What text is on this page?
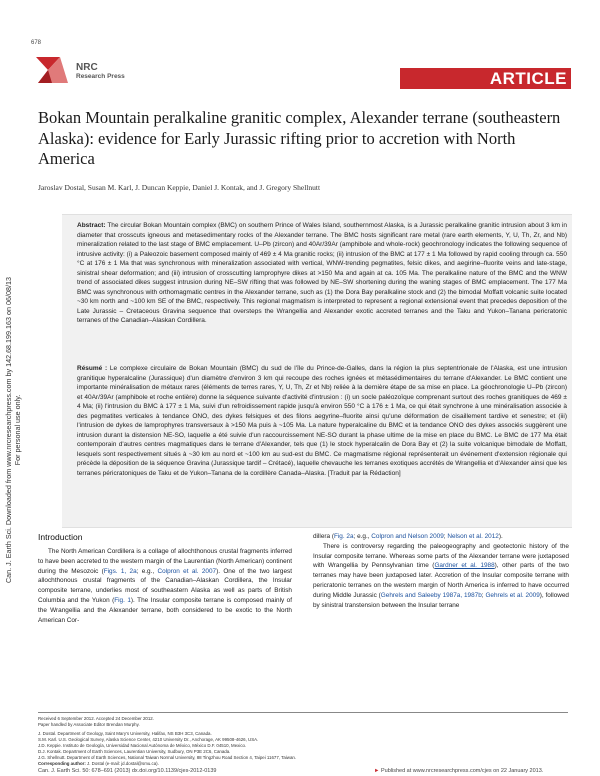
678
Can. J. Earth Sci. Downloaded from www.nrcresearchpress.com by 142.68.199.163 on 06/08/13 For personal use only.
NRC
Research Press	ARTICLE
Bokan Mountain peralkaline granitic complex, Alexander terrane (southeastern Alaska): evidence for Early Jurassic rifting prior to accretion with North America
Jaroslav Dostal, Susan M. Karl, J. Duncan Keppie, Daniel J. Kontak, and J. Gregory Shellnutt
Abstract: The circular Bokan Mountain complex (BMC) on southern Prince of Wales Island, southernmost Alaska, is a Jurassic peralkaline granitic intrusion about 3 km in diameter that crosscuts igneous and metasedimentary rocks of the Alexander terrane. The BMC hosts significant rare metal (rare earth elements, Y, U, Th, Zr, and Nb) mineralization related to the last stage of BMC emplacement. U–Pb (zircon) and 40Ar/39Ar (amphibole and whole-rock) geochronology indicates the following sequence of intrusive activity: (i) a Paleozoic basement composed mainly of 469 ± 4 Ma granitic rocks; (ii) intrusion of the BMC at 177 ± 1 Ma followed by rapid cooling through ca. 550 °C at 176 ± 1 Ma that was synchronous with mineralization associated with vertical, WNW-trending pegmatites, felsic dikes, and aegirine–fluorite veins and late-stage, sinistral shear deformation; and (iii) intrusion of crosscutting lamprophyre dikes at >150 Ma and again at ca. 105 Ma. The peralkaline nature of the BMC and the WNW trend of associated dikes suggest intrusion during NE–SW rifting that was followed by NE–SW shortening during the waning stages of BMC emplacement. The 177 Ma BMC was synchronous with orthomagmatic centres in the Alexander terrane, such as (1) the Dora Bay peralkaline stock and (2) the bimodal Moffatt volcanic suite located ~30 km north and ~100 km SE of the BMC, respectively. This regional magmatism is interpreted to represent a regional extensional event that precedes deposition of the Late Jurassic – Cretaceous Gravina sequence that oversteps the Wrangellia and Alexander exotic accreted terranes and the Taku and Yukon–Tanana pericratonic terranes of the Canadian–Alaskan Cordillera.
Résumé : Le complexe circulaire de Bokan Mountain (BMC) du sud de l'île du Prince-de-Galles, dans la région la plus septentrionale de l'Alaska, est une intrusion granitique hyperalcaline (Jurassique) d'un diamètre d'environ 3 km qui recoupe des roches ignées et métasédimentaires du terrane d'Alexander. Le BMC contient une importante minéralisation de métaux rares (éléments de terres rares, Y, U, Th, Zr et Nb) reliée à la dernière étape de sa mise en place. La géochronologie U–Pb (zircon) et 40Ar/39Ar (amphibole et roche entière) donne la séquence suivante d'activité d'intrusion : (i) un socle paléozoïque comprenant surtout des roches granitiques de 469 ± 4 Ma; (ii) l'intrusion du BMC à 177 ± 1 Ma, suivi d'un refroidissement rapide jusqu'à environ 550 °C à 176 ± 1 Ma, ce qui était synchrone à une minéralisation associée à des pegmatites verticales à tendance ONO, des dykes felsiques et des filons aegyrine–fluorite ainsi qu'une déformation de cisaillement tardive et senestre; et (iii) l'intrusion de dykes de lamprophyres transversaux à >150 Ma puis à ~105 Ma. La nature hyperalcaline du BMC et la tendance ONO des dykes associés suggèrent une intrusion durant la distension NE-SO, laquelle a été suivie d'un raccourcissement NE-SO durant la phase ultime de la mise en place du BMC. Le BMC de 177 Ma était contemporain d'autres centres magmatiques dans le terrane d'Alexander, tels que (1) le stock hyperalcalin de Dora Bay et (2) la suite volcanique bimodale de Moffatt, lesquels sont respectivement situés à ~30 km au nord et ~100 km au sud-est du BMC. Ce magmatisme régional représenterait un événement d'extension régionale qui précède la déposition de la séquence Gravina (Jurassique tardif – Crétacé), laquelle chevauche les terranes exotiques accrétés de Wrangellia et d'Alexander ainsi que les terranes péricratoniques de Taku et de Yukon–Tanana de la cordillère Canada–Alaska. [Traduit par la Rédaction]
Introduction

The North American Cordillera is a collage of allochthonous crustal fragments inferred to have been accreted to the western margin of the Laurentian (North American) continent during the Mesozoic (Figs. 1, 2a; e.g., Colpron et al. 2007). One of the two largest allochthonous crustal fragments of the Canadian–Alaskan Cordillera, the Insular composite terrane, underlies most of southeastern Alaska as well as parts of British Columbia and the Yukon (Fig. 1). The Insular composite terrane is composed mainly of the Wrangellia and the Alexander terrane, both considered to be exotic to the North American Cor-

dillera (Fig. 2a; e.g., Colpron and Nelson 2009; Nelson et al. 2012).

There is controversy regarding the paleogeography and geotectonic history of the Insular composite terrane. Whereas some parts of the Alexander terrane were juxtaposed with Wrangellia by Pennsylvanian time (Gardner et al. 1988), other parts of the two terranes may have been juxtaposed later. Accretion of the Insular composite terrane with pericratonic terranes on the western margin of North America is inferred to have occurred during Middle Jurassic (Gehrels and Saleeby 1987a, 1987b; Gehrels et al. 2009), followed by sinistral transtension between the Insular terrane

Received 6 September 2012. Accepted 24 December 2012.
Paper handled by Associate Editor Brendan Murphy.
J. Dostal. Department of Geology, Saint Mary's University, Halifax, NS B3H 3C3, Canada.
S.M. Karl. U.S. Geological Survey, Alaska Science Center, 4210 University Dr., Anchorage, AK 99508-4626, USA.
J.D. Keppie. Instituto de Geología, Universidad Nacional Autónoma de México, México D.F. 04510, Mexico.
D.J. Kontak. Department of Earth Sciences, Laurentian University, Sudbury, ON P3E 2C6, Canada.
J.G. Shellnutt. Department of Earth Sciences, National Taiwan Normal University, 88 Tingzhou Road Section 4, Taipei 11677, Taiwan.
Corresponding author: J. Dostal (e-mail: jd.dostal@smu.ca).
Can. J. Earth Sci. 50: 678–691 (2013) dx.doi.org/10.1139/cjes-2012-0139	► Published at www.nrcresearchpress.com/cjes on 22 January 2013.
